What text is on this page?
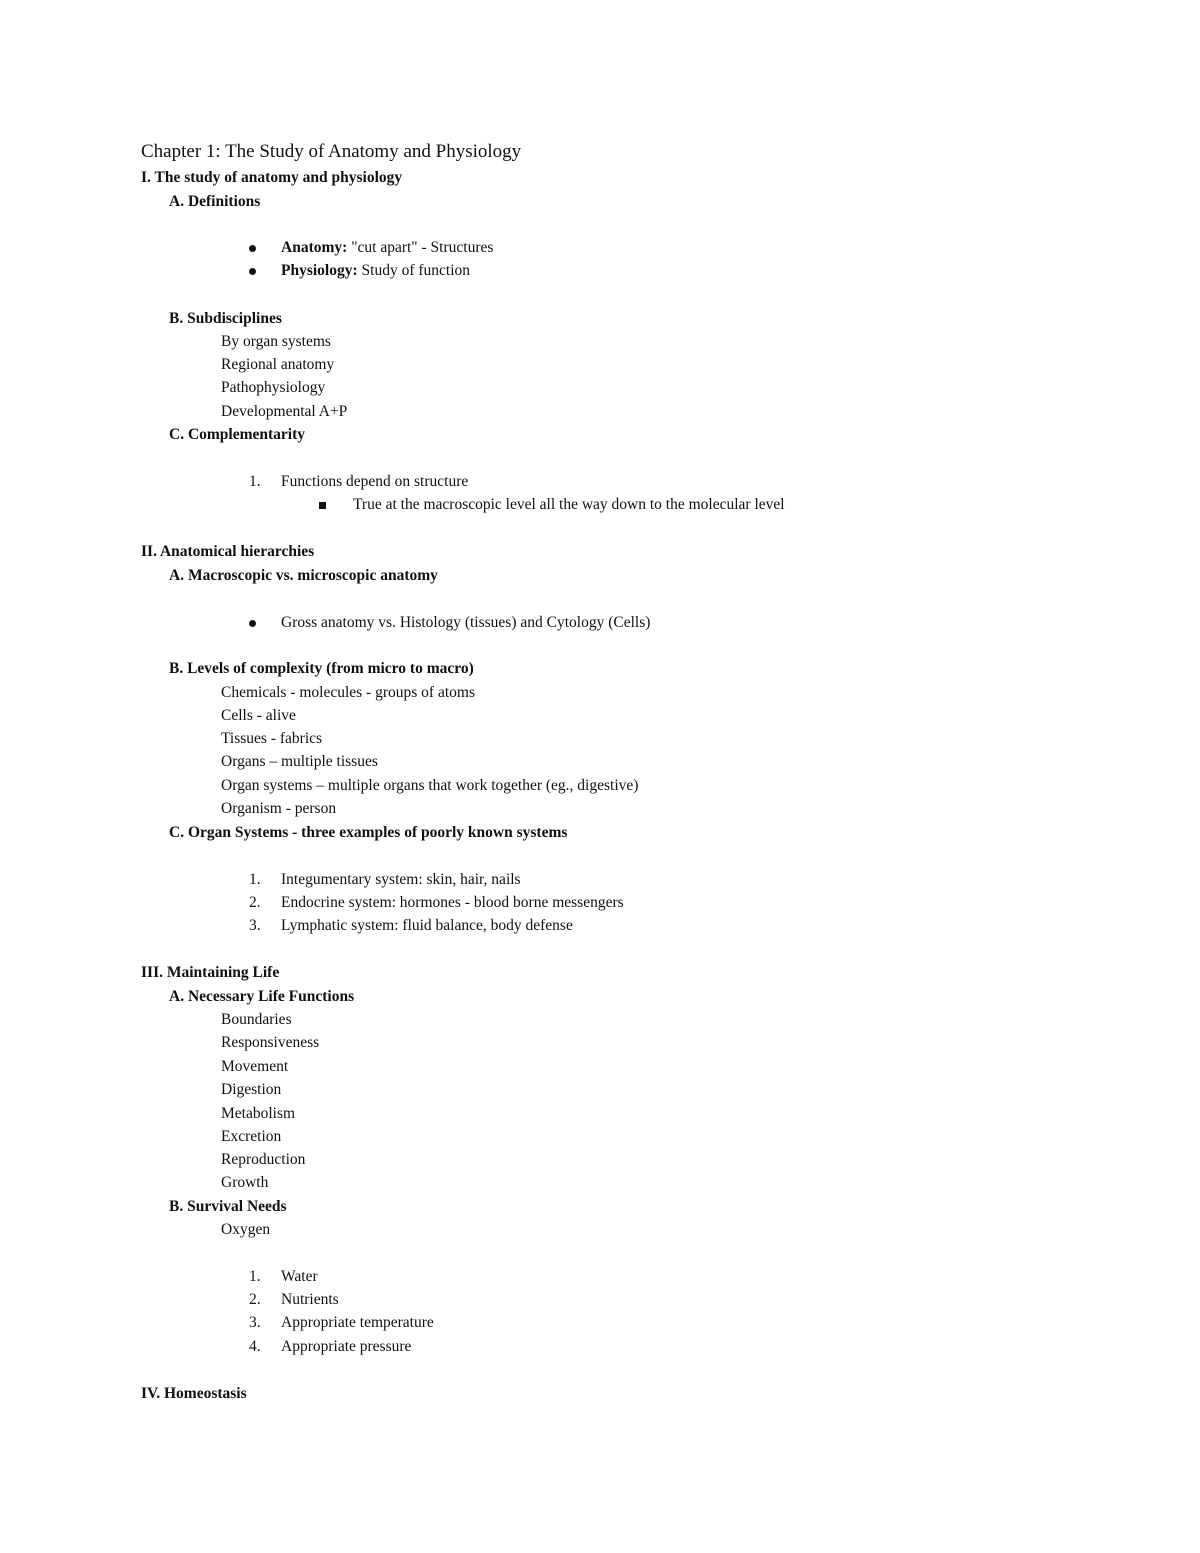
Chapter 1: The Study of Anatomy and Physiology
I. The study of anatomy and physiology
A. Definitions
Anatomy: "cut apart" - Structures
Physiology: Study of function
B. Subdisciplines
By organ systems
Regional anatomy
Pathophysiology
Developmental A+P
C. Complementarity
1.	Functions depend on structure
True at the macroscopic level all the way down to the molecular level
II. Anatomical hierarchies
A. Macroscopic vs. microscopic anatomy
Gross anatomy vs. Histology (tissues) and Cytology (Cells)
B. Levels of complexity (from micro to macro)
Chemicals - molecules - groups of atoms
Cells - alive
Tissues - fabrics
Organs – multiple tissues
Organ systems – multiple organs that work together (eg., digestive)
Organism - person
C. Organ Systems - three examples of poorly known systems
1.	Integumentary system: skin, hair, nails
2.	Endocrine system: hormones - blood borne messengers
3.	Lymphatic system: fluid balance, body defense
III. Maintaining Life
A. Necessary Life Functions
Boundaries
Responsiveness
Movement
Digestion
Metabolism
Excretion
Reproduction
Growth
B. Survival Needs
Oxygen
1.	Water
2.	Nutrients
3.	Appropriate temperature
4.	Appropriate pressure
IV. Homeostasis
